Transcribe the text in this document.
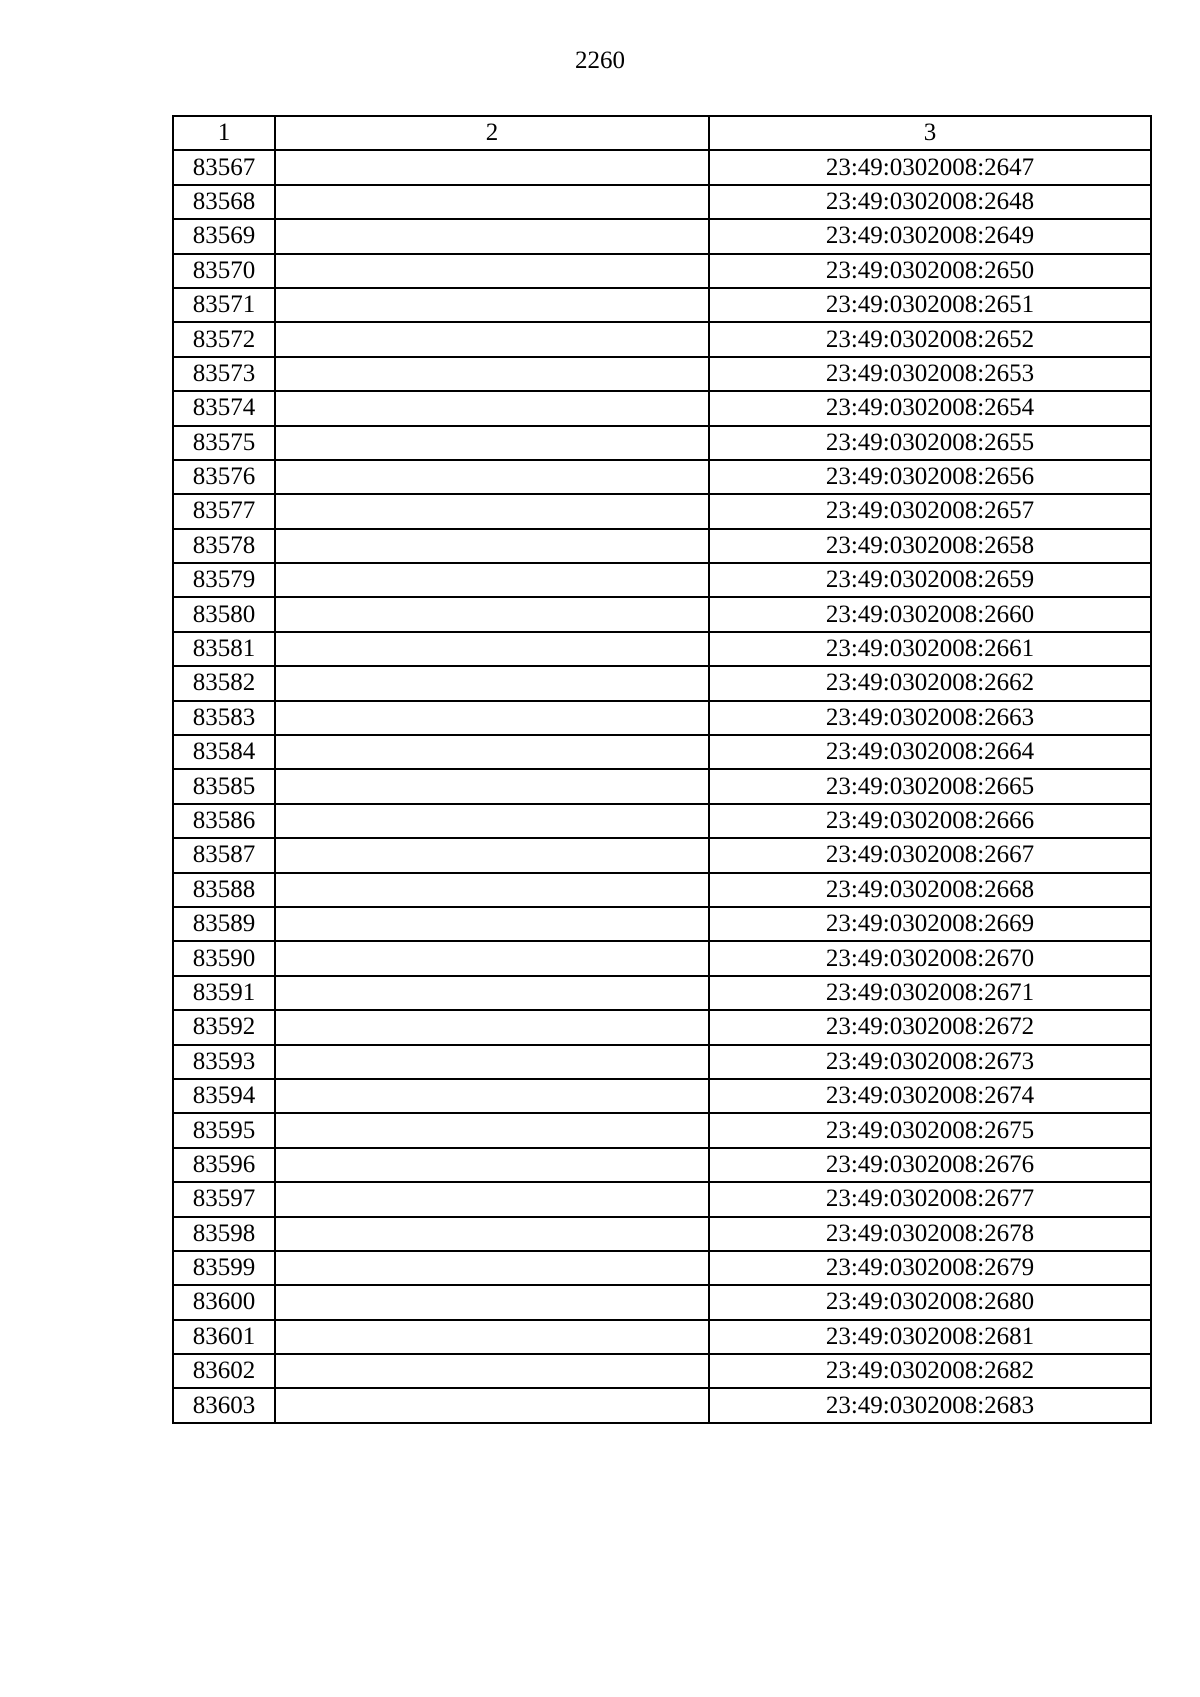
2260
1	2	3
83567		23:49:0302008:2647
83568		23:49:0302008:2648
83569		23:49:0302008:2649
83570		23:49:0302008:2650
83571		23:49:0302008:2651
83572		23:49:0302008:2652
83573		23:49:0302008:2653
83574		23:49:0302008:2654
83575		23:49:0302008:2655
83576		23:49:0302008:2656
83577		23:49:0302008:2657
83578		23:49:0302008:2658
83579		23:49:0302008:2659
83580		23:49:0302008:2660
83581		23:49:0302008:2661
83582		23:49:0302008:2662
83583		23:49:0302008:2663
83584		23:49:0302008:2664
83585		23:49:0302008:2665
83586		23:49:0302008:2666
83587		23:49:0302008:2667
83588		23:49:0302008:2668
83589		23:49:0302008:2669
83590		23:49:0302008:2670
83591		23:49:0302008:2671
83592		23:49:0302008:2672
83593		23:49:0302008:2673
83594		23:49:0302008:2674
83595		23:49:0302008:2675
83596		23:49:0302008:2676
83597		23:49:0302008:2677
83598		23:49:0302008:2678
83599		23:49:0302008:2679
83600		23:49:0302008:2680
83601		23:49:0302008:2681
83602		23:49:0302008:2682
83603		23:49:0302008:2683
